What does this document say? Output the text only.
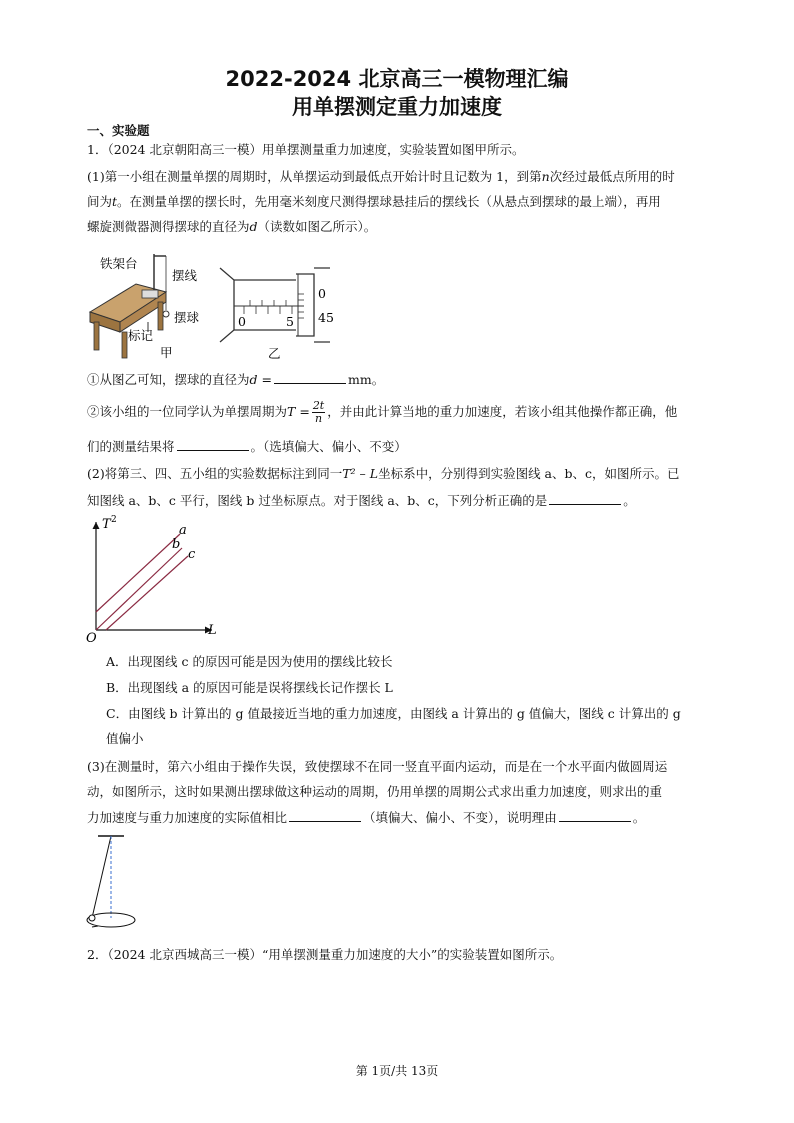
2022-2024 北京高三一模物理汇编
用单摆测定重力加速度
一、实验题
1．（2024 北京朝阳高三一模）用单摆测量重力加速度，实验装置如图甲所示。
(1)第一小组在测量单摆的周期时，从单摆运动到最低点开始计时且记数为 1，到第n次经过最低点所用的时
间为t。在测量单摆的摆长时，先用毫米刻度尺测得摆球悬挂后的摆线长（从悬点到摆球的最上端），再用
螺旋测微器测得摆球的直径为d（读数如图乙所示）。
铁架台
摆线
摆球
标记
甲
0	5
0
45
乙
①从图乙可知，摆球的直径为d =	mm。
②该小组的一位同学认为单摆周期为$T = \frac{2t}{n}$ ，并由此计算当地的重力加速度，若该小组其他操作都正确，他
们的测量结果将	。（选填偏大、偏小、不变）
(2)将第三、四、五小组的实验数据标注到同一T² – L坐标系中，分别得到实验图线 a、b、c，如图所示。已
知图线 a、b、c 平行，图线 b 过坐标原点。对于图线 a、b、c，下列分析正确的是	。
T 2
L
O
a
b
c
A．出现图线 c 的原因可能是因为使用的摆线比较长
B．出现图线 a 的原因可能是误将摆线长记作摆长 L
C．由图线 b 计算出的 g 值最接近当地的重力加速度，由图线 a 计算出的 g 值偏大，图线 c 计算出的 g
值偏小
(3)在测量时，第六小组由于操作失误，致使摆球不在同一竖直平面内运动，而是在一个水平面内做圆周运
动，如图所示，这时如果测出摆球做这种运动的周期，仍用单摆的周期公式求出重力加速度，则求出的重
力加速度与重力加速度的实际值相比	（填偏大、偏小、不变），说明理由	。
2．（2024 北京西城高三一模）“用单摆测量重力加速度的大小”的实验装置如图所示。
第 1页/共 13页
